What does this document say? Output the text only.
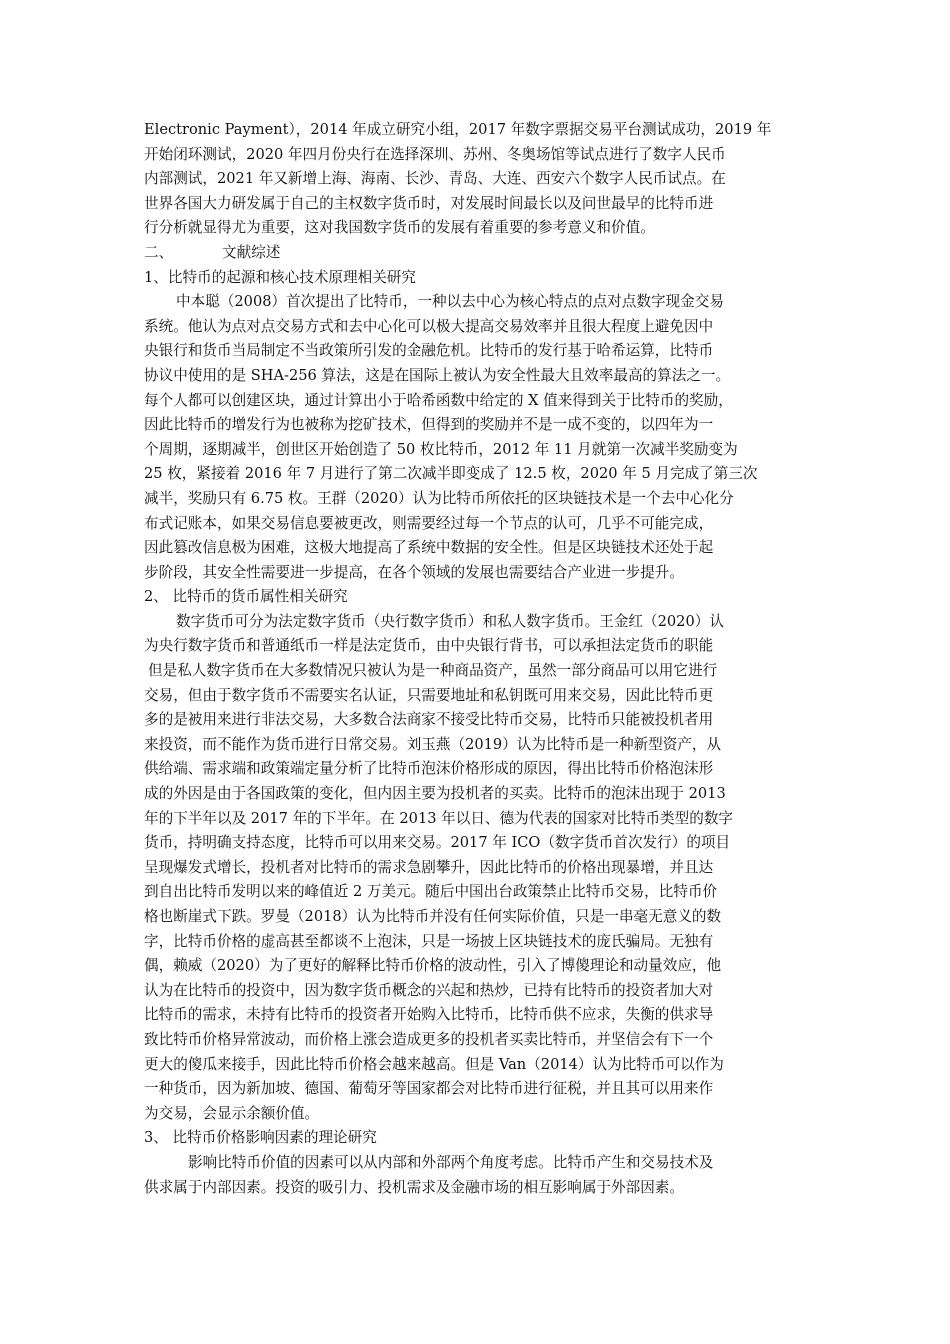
Electronic Payment），2014 年成立研究小组，2017 年数字票据交易平台测试成功，2019 年
开始闭环测试，2020 年四月份央行在选择深圳、苏州、冬奥场馆等试点进行了数字人民币
内部测试，2021 年又新增上海、海南、长沙、青岛、大连、西安六个数字人民币试点。在
世界各国大力研发属于自己的主权数字货币时，对发展时间最长以及问世最早的比特币进
行分析就显得尤为重要，这对我国数字货币的发展有着重要的参考意义和价值。
二、	文献综述
1、比特币的起源和核心技术原理相关研究
中本聪（2008）首次提出了比特币，一种以去中心为核心特点的点对点数字现金交易
系统。他认为点对点交易方式和去中心化可以极大提高交易效率并且很大程度上避免因中
央银行和货币当局制定不当政策所引发的金融危机。比特币的发行基于哈希运算，比特币
协议中使用的是 SHA-256 算法，这是在国际上被认为安全性最大且效率最高的算法之一。
每个人都可以创建区块，通过计算出小于哈希函数中给定的 X 值来得到关于比特币的奖励，
因此比特币的增发行为也被称为挖矿技术，但得到的奖励并不是一成不变的，以四年为一
个周期，逐期减半，创世区开始创造了 50 枚比特币，2012 年 11 月就第一次减半奖励变为
25 枚，紧接着 2016 年 7 月进行了第二次减半即变成了 12.5 枚，2020 年 5 月完成了第三次
减半，奖励只有 6.75 枚。王群（2020）认为比特币所依托的区块链技术是一个去中心化分
布式记账本，如果交易信息要被更改，则需要经过每一个节点的认可，几乎不可能完成，
因此篡改信息极为困难，这极大地提高了系统中数据的安全性。但是区块链技术还处于起
步阶段，其安全性需要进一步提高，在各个领域的发展也需要结合产业进一步提升。
2、 比特币的货币属性相关研究
数字货币可分为法定数字货币（央行数字货币）和私人数字货币。王金红（2020）认
为央行数字货币和普通纸币一样是法定货币，由中央银行背书，可以承担法定货币的职能
但是私人数字货币在大多数情况只被认为是一种商品资产，虽然一部分商品可以用它进行
交易，但由于数字货币不需要实名认证，只需要地址和私钥既可用来交易，因此比特币更
多的是被用来进行非法交易，大多数合法商家不接受比特币交易，比特币只能被投机者用
来投资，而不能作为货币进行日常交易。刘玉燕（2019）认为比特币是一种新型资产，从
供给端、需求端和政策端定量分析了比特币泡沫价格形成的原因，得出比特币价格泡沫形
成的外因是由于各国政策的变化，但内因主要为投机者的买卖。比特币的泡沫出现于 2013
年的下半年以及 2017 年的下半年。在 2013 年以日、德为代表的国家对比特币类型的数字
货币，持明确支持态度，比特币可以用来交易。2017 年 ICO（数字货币首次发行）的项目
呈现爆发式增长，投机者对比特币的需求急剧攀升，因此比特币的价格出现暴增，并且达
到自出比特币发明以来的峰值近 2 万美元。随后中国出台政策禁止比特币交易，比特币价
格也断崖式下跌。罗曼（2018）认为比特币并没有任何实际价值，只是一串毫无意义的数
字，比特币价格的虚高甚至都谈不上泡沫，只是一场披上区块链技术的庞氏骗局。无独有
偶，赖威（2020）为了更好的解释比特币价格的波动性，引入了博傻理论和动量效应，他
认为在比特币的投资中，因为数字货币概念的兴起和热炒，已持有比特币的投资者加大对
比特币的需求，未持有比特币的投资者开始购入比特币，比特币供不应求，失衡的供求导
致比特币价格异常波动，而价格上涨会造成更多的投机者买卖比特币，并坚信会有下一个
更大的傻瓜来接手，因此比特币价格会越来越高。但是 Van（2014）认为比特币可以作为
一种货币，因为新加坡、德国、葡萄牙等国家都会对比特币进行征税，并且其可以用来作
为交易，会显示余额价值。
3、 比特币价格影响因素的理论研究
影响比特币价值的因素可以从内部和外部两个角度考虑。比特币产生和交易技术及
供求属于内部因素。投资的吸引力、投机需求及金融市场的相互影响属于外部因素。
